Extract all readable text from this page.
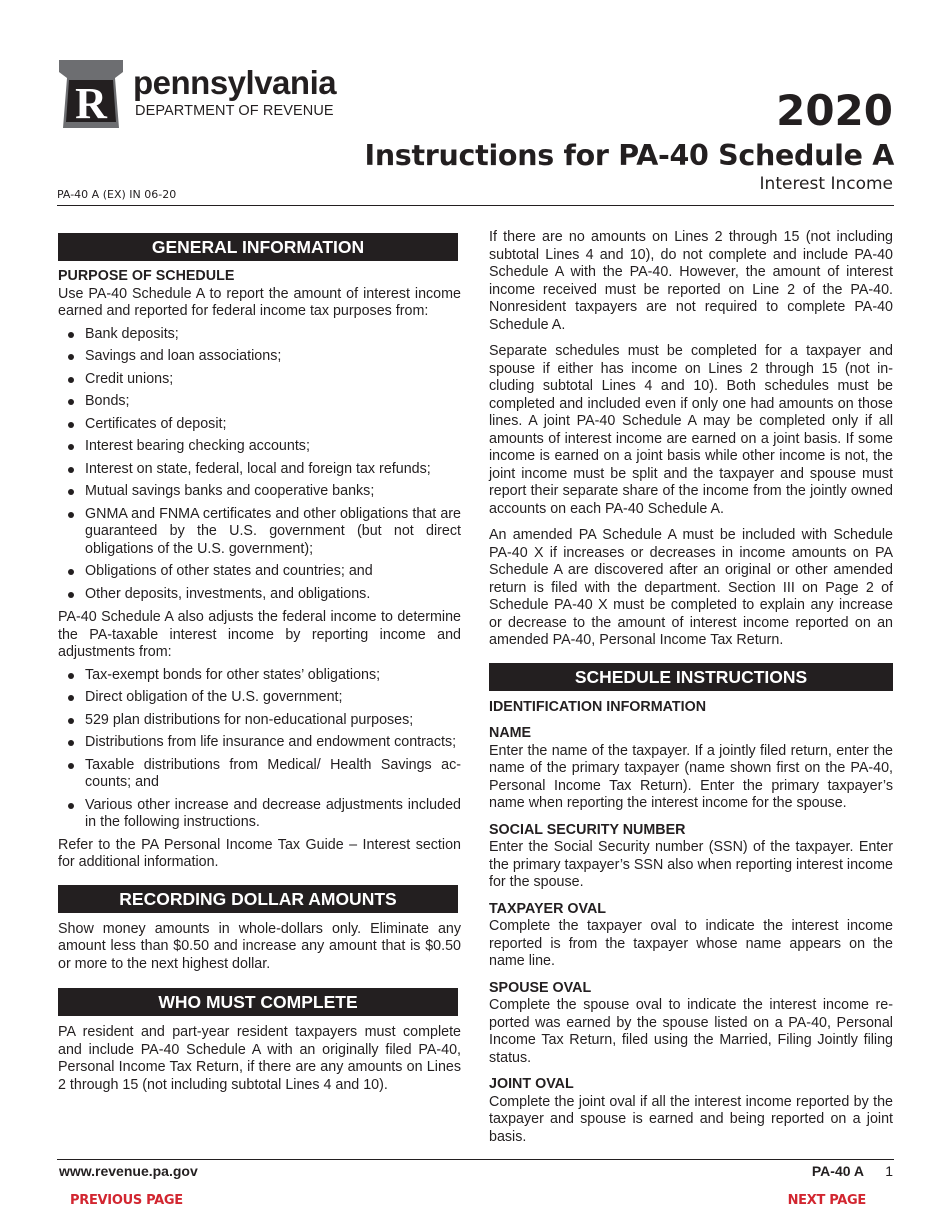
R pennsylvania
DEPARTMENT OF REVENUE	2020
Instructions for PA-40 Schedule A
Interest Income
PA-40 A (EX) IN 06-20
GENERAL INFORMATION
PURPOSE OF SCHEDULE

Use PA-40 Schedule A to report the amount of interest income earned and reported for federal income tax purposes from:

Bank deposits;
Savings and loan associations;
Credit unions;
Bonds;
Certificates of deposit;
Interest bearing checking accounts;
Interest on state, federal, local and foreign tax refunds;
Mutual savings banks and cooperative banks;
GNMA and FNMA certificates and other obligations that are guaranteed by the U.S. government (but not direct obligations of the U.S. government);
Obligations of other states and countries; and
Other deposits, investments, and obligations.

PA-40 Schedule A also adjusts the federal income to determine the PA-taxable interest income by reporting income and adjustments from:

Tax-exempt bonds for other states’ obligations;
Direct obligation of the U.S. government;
529 plan distributions for non-educational purposes;
Distributions from life insurance and endowment contracts;
Taxable distributions from Medical/ Health Savings accounts; and
Various other increase and decrease adjustments included in the following instructions.

Refer to the PA Personal Income Tax Guide – Interest section for additional information.

RECORDING DOLLAR AMOUNTS

Show money amounts in whole-dollars only. Eliminate any amount less than $0.50 and increase any amount that is $0.50 or more to the next highest dollar.

WHO MUST COMPLETE

PA resident and part-year resident taxpayers must complete and include PA-40 Schedule A with an originally filed PA-40, Personal Income Tax Return, if there are any amounts on Lines 2 through 15 (not including subtotal Lines 4 and 10).

If there are no amounts on Lines 2 through 15 (not including subtotal Lines 4 and 10), do not complete and include PA-40 Schedule A with the PA-40. However, the amount of interest income received must be reported on Line 2 of the PA-40. Nonresident taxpayers are not required to complete PA-40 Schedule A.

Separate schedules must be completed for a taxpayer and spouse if either has income on Lines 2 through 15 (not including subtotal Lines 4 and 10). Both schedules must be completed and included even if only one had amounts on those lines. A joint PA-40 Schedule A may be completed only if all amounts of interest income are earned on a joint basis. If some income is earned on a joint basis while other income is not, the joint income must be split and the taxpayer and spouse must report their separate share of the income from the jointly owned accounts on each PA-40 Schedule A.

An amended PA Schedule A must be included with Schedule PA-40 X if increases or decreases in income amounts on PA Schedule A are discovered after an original or other amended return is filed with the department. Section III on Page 2 of Schedule PA-40 X must be completed to explain any increase or decrease to the amount of interest income reported on an amended PA-40, Personal Income Tax Return.

SCHEDULE INSTRUCTIONS
IDENTIFICATION INFORMATION
NAME

Enter the name of the taxpayer. If a jointly filed return, enter the name of the primary taxpayer (name shown first on the PA-40, Personal Income Tax Return). Enter the primary taxpayer’s name when reporting the interest income for the spouse.

SOCIAL SECURITY NUMBER

Enter the Social Security number (SSN) of the taxpayer. Enter the primary taxpayer’s SSN also when reporting interest income for the spouse.

TAXPAYER OVAL

Complete the taxpayer oval to indicate the interest income reported is from the taxpayer whose name appears on the name line.

SPOUSE OVAL

Complete the spouse oval to indicate the interest income reported was earned by the spouse listed on a PA-40, Personal Income Tax Return, filed using the Married, Filing Jointly filing status.

JOINT OVAL

Complete the joint oval if all the interest income reported by the taxpayer and spouse is earned and being reported on a joint basis.

www.revenue.pa.gov	PA-40 A 1
PREVIOUS PAGE	NEXT PAGE
